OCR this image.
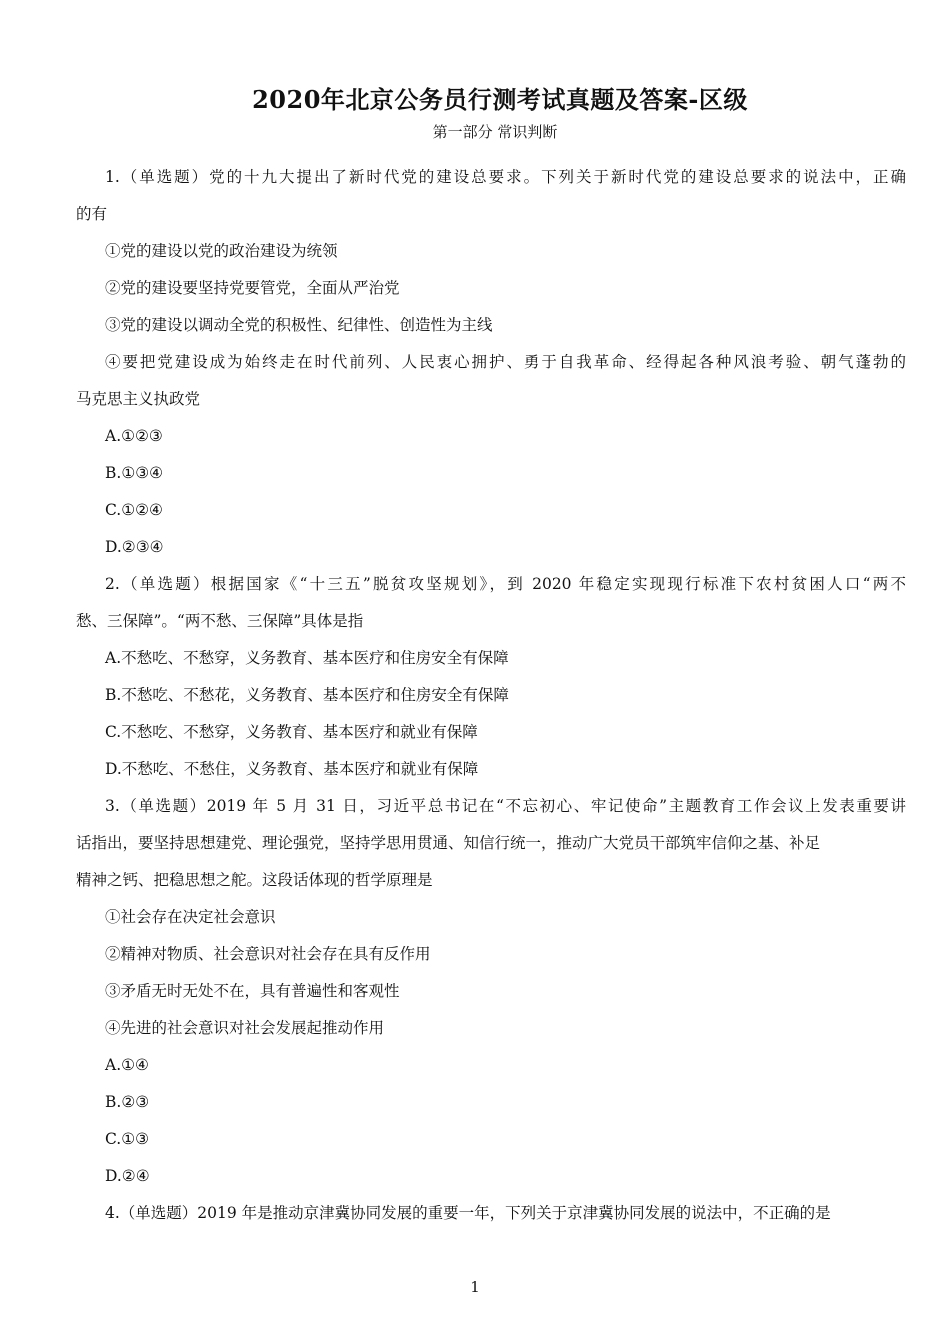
2020年北京公务员行测考试真题及答案-区级
第一部分 常识判断
1.（单选题）党的十九大提出了新时代党的建设总要求。下列关于新时代党的建设总要求的说法中，正确
的有
①党的建设以党的政治建设为统领
②党的建设要坚持党要管党，全面从严治党
③党的建设以调动全党的积极性、纪律性、创造性为主线
④要把党建设成为始终走在时代前列、人民衷心拥护、勇于自我革命、经得起各种风浪考验、朝气蓬勃的
马克思主义执政党
A.①②③
B.①③④
C.①②④
D.②③④
2.（单选题）根据国家《“十三五”脱贫攻坚规划》，到 2020 年稳定实现现行标准下农村贫困人口“两不
愁、三保障”。“两不愁、三保障”具体是指
A.不愁吃、不愁穿，义务教育、基本医疗和住房安全有保障
B.不愁吃、不愁花，义务教育、基本医疗和住房安全有保障
C.不愁吃、不愁穿，义务教育、基本医疗和就业有保障
D.不愁吃、不愁住，义务教育、基本医疗和就业有保障
3.（单选题）2019 年 5 月 31 日，习近平总书记在“不忘初心、牢记使命”主题教育工作会议上发表重要讲
话指出，要坚持思想建党、理论强党，坚持学思用贯通、知信行统一，推动广大党员干部筑牢信仰之基、补足
精神之钙、把稳思想之舵。这段话体现的哲学原理是
①社会存在决定社会意识
②精神对物质、社会意识对社会存在具有反作用
③矛盾无时无处不在，具有普遍性和客观性
④先进的社会意识对社会发展起推动作用
A.①④
B.②③
C.①③
D.②④
4.（单选题）2019 年是推动京津冀协同发展的重要一年，下列关于京津冀协同发展的说法中，不正确的是
1
